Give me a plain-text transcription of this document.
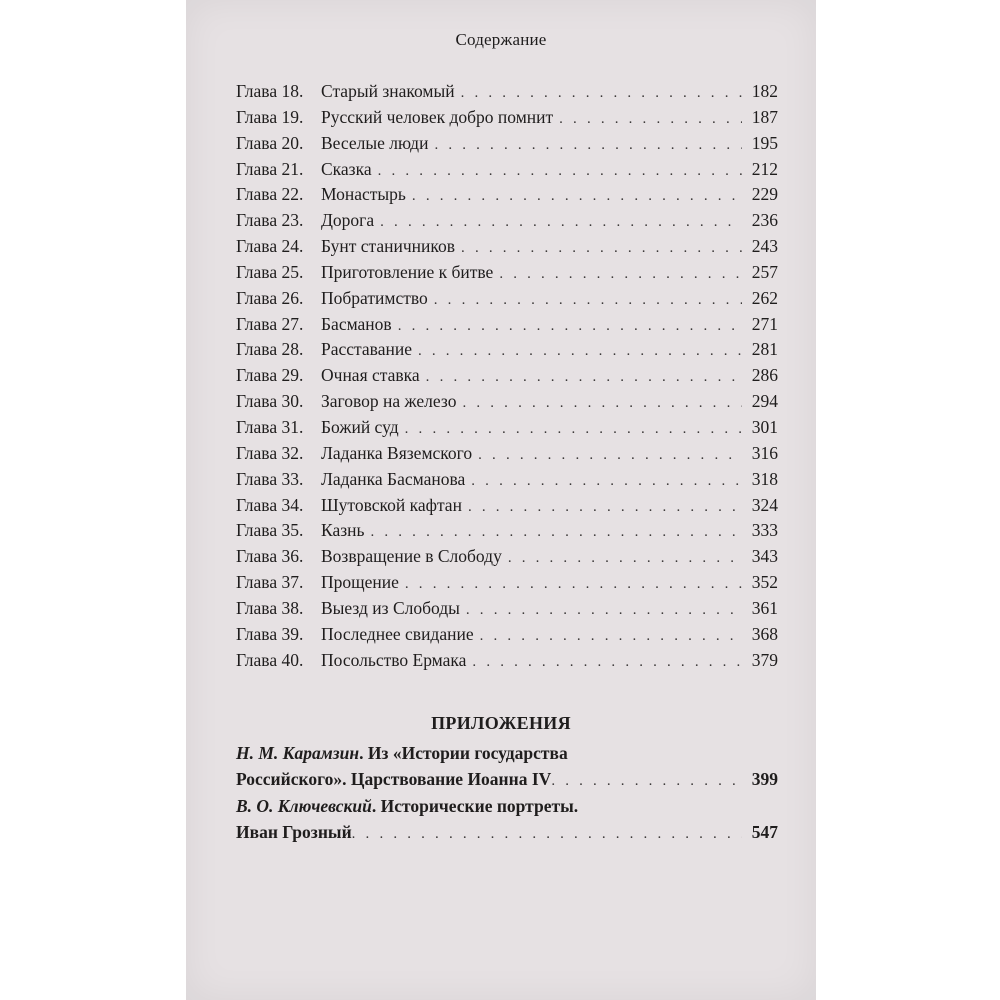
Содержание
Глава 18.	Старый знакомый . . .	182
Глава 19.	Русский человек добро помнит . . .	187
Глава 20.	Веселые люди . . .	195
Глава 21.	Сказка . . .	212
Глава 22.	Монастырь . . .	229
Глава 23.	Дорога . . .	236
Глава 24.	Бунт станичников . . .	243
Глава 25.	Приготовление к битве . . .	257
Глава 26.	Побратимство . . .	262
Глава 27.	Басманов . . .	271
Глава 28.	Расставание . . .	281
Глава 29.	Очная ставка . . .	286
Глава 30.	Заговор на железо . . .	294
Глава 31.	Божий суд . . .	301
Глава 32.	Ладанка Вяземского . . .	316
Глава 33.	Ладанка Басманова . . .	318
Глава 34.	Шутовской кафтан . . .	324
Глава 35.	Казнь . . .	333
Глава 36.	Возвращение в Слободу . . .	343
Глава 37.	Прощение . . .	352
Глава 38.	Выезд из Слободы . . .	361
Глава 39.	Последнее свидание . . .	368
Глава 40.	Посольство Ермака . . .	379
ПРИЛОЖЕНИЯ
Н. М. Карамзин . Из «Истории государства
Российского». Царствование Иоанна IV . . .	399
В. О. Ключевский . Исторические портреты.
Иван Грозный . . .	547
